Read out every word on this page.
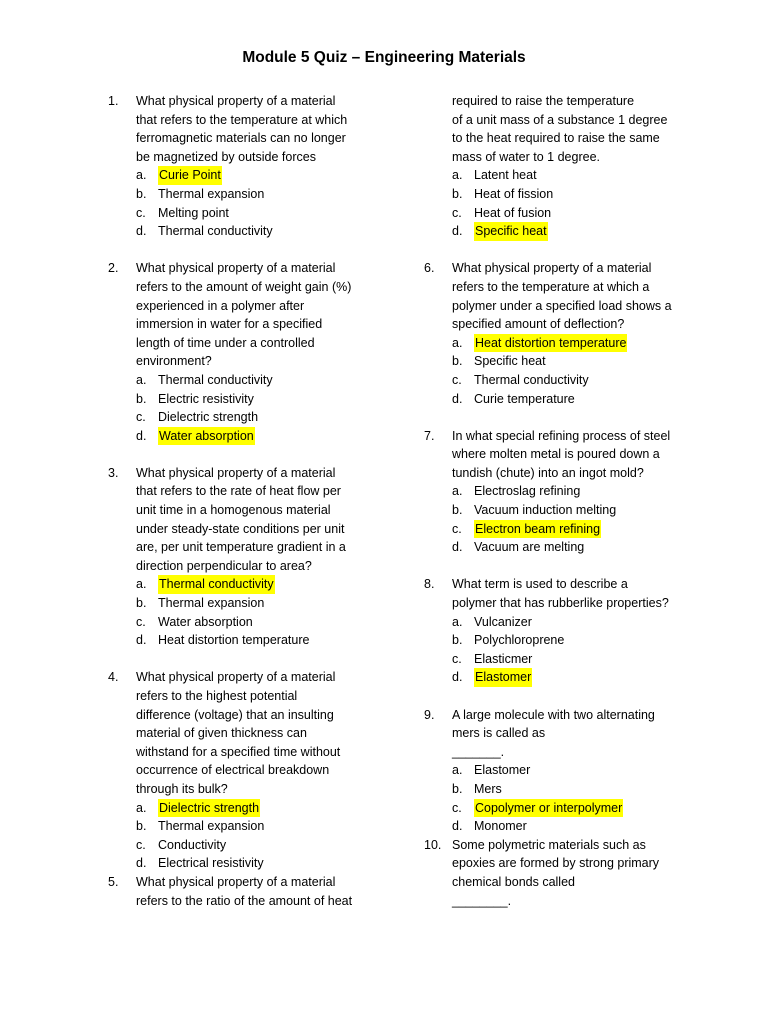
Module 5 Quiz – Engineering Materials
1.	What physical property of a material
that refers to the temperature at which
ferromagnetic materials can no longer
be magnetized by outside forces
a.	Curie Point
b. Thermal expansion
c. Melting point
d. Thermal conductivity
2.	What physical property of a material
refers to the amount of weight gain (%)
experienced in a polymer after
immersion in water for a specified
length of time under a controlled
environment?
a. Thermal conductivity
b. Electric resistivity
c. Dielectric strength
d.	Water absorption
3.	What physical property of a material
that refers to the rate of heat flow per
unit time in a homogenous material
under steady-state conditions per unit
are, per unit temperature gradient in a
direction perpendicular to area?
a.	Thermal conductivity
b. Thermal expansion
c. Water absorption
d. Heat distortion temperature
4.	What physical property of a material
refers to the highest potential
difference (voltage) that an insulting
material of given thickness can
withstand for a specified time without
occurrence of electrical breakdown
through its bulk?
a.	Dielectric strength
b. Thermal expansion
c. Conductivity
d. Electrical resistivity
5.	What physical property of a material
refers to the ratio of the amount of heat
required to raise the temperature
of a unit mass of a substance 1 degree
to the heat required to raise the same
mass of water to 1 degree.
a. Latent heat
b. Heat of fission
c. Heat of fusion
d.	Specific heat
6.	What physical property of a material
refers to the temperature at which a
polymer under a specified load shows a
specified amount of deflection?
a.	Heat distortion temperature
b. Specific heat
c. Thermal conductivity
d. Curie temperature
7.	In what special refining process of steel
where molten metal is poured down a
tundish (chute) into an ingot mold?
a. Electroslag refining
b. Vacuum induction melting
c.	Electron beam refining
d. Vacuum are melting
8.	What term is used to describe a
polymer that has rubberlike properties?
a. Vulcanizer
b. Polychloroprene
c. Elasticmer
d.	Elastomer
9.	A large molecule with two alternating
mers is called as
_______.
a. Elastomer
b. Mers
c.	Copolymer or interpolymer
d. Monomer
10. Some polymetric materials such as
epoxies are formed by strong primary
chemical bonds called
________.
